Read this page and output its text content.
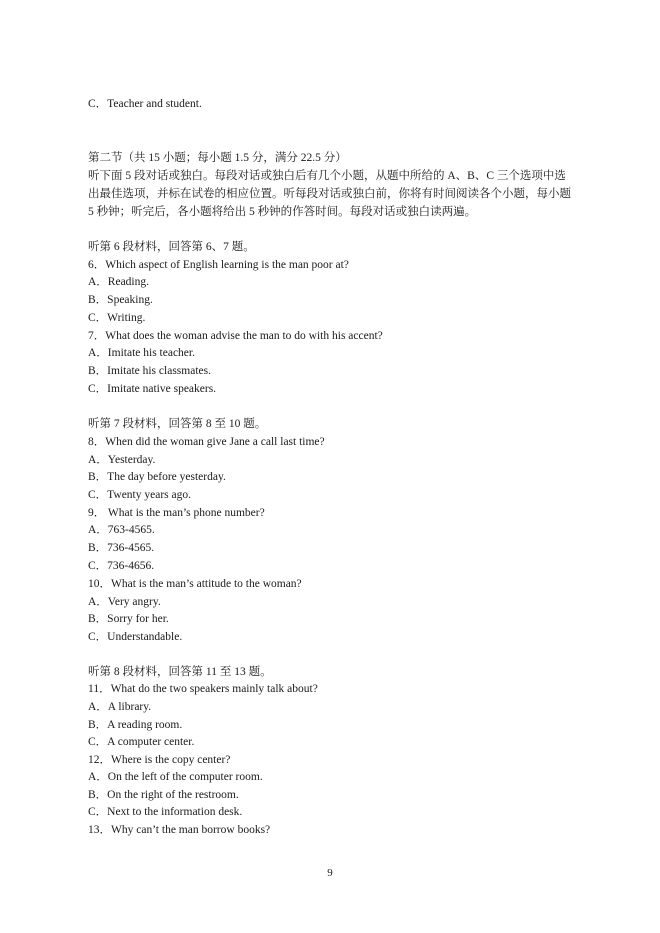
C．Teacher and student.
第二节（共 15 小题；每小题 1.5 分，满分 22.5 分）
听下面 5 段对话或独白。每段对话或独白后有几个小题，从题中所给的 A、B、C 三个选项中选
出最佳选项，并标在试卷的相应位置。听每段对话或独白前，你将有时间阅读各个小题，每小题
5 秒钟；听完后，各小题将给出 5 秒钟的作答时间。每段对话或独白读两遍。
听第 6 段材料，回答第 6、7 题。
6．Which aspect of English learning is the man poor at?
A．Reading.
B．Speaking.
C．Writing.
7．What does the woman advise the man to do with his accent?
A．Imitate his teacher.
B．Imitate his classmates.
C．Imitate native speakers.
听第 7 段材料，回答第 8 至 10 题。
8．When did the woman give Jane a call last time?
A．Yesterday.
B．The day before yesterday.
C．Twenty years ago.
9． What is the man’s phone number?
A．763-4565.
B．736-4565.
C．736-4656.
10．What is the man’s attitude to the woman?
A．Very angry.
B．Sorry for her.
C．Understandable.
听第 8 段材料，回答第 11 至 13 题。
11．What do the two speakers mainly talk about?
A．A library.
B．A reading room.
C．A computer center.
12．Where is the copy center?
A．On the left of the computer room.
B．On the right of the restroom.
C．Next to the information desk.
13．Why can’t the man borrow books?
9
